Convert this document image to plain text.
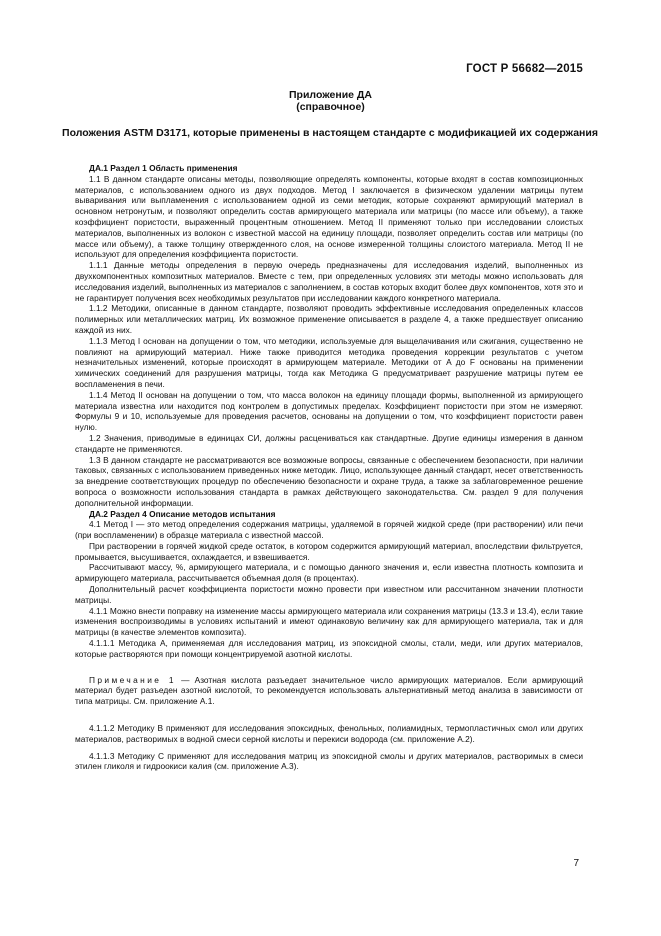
ГОСТ Р 56682—2015
Приложение ДА
(справочное)
Положения ASTM D3171, которые применены в настоящем стандарте с модификацией их содержания

ДА.1 Раздел 1 Область применения

1.1 В данном стандарте описаны методы, позволяющие определять компоненты, которые входят в состав композиционных материалов, с использованием одного из двух подходов. Метод I заключается в физическом удалении матрицы путем вываривания или выпламенения с использованием одной из семи методик, которые сохраняют армирующий материал в основном нетронутым, и позволяют определить состав армирующего материала или матрицы (по массе или объему), а также коэффициент пористости, выраженный процентным отношением. Метод II применяют только при исследовании слоистых материалов, выполненных из волокон с известной массой на единицу площади, позволяет определить состав или матрицы (по массе или объему), а также толщину отвержденного слоя, на основе измеренной толщины слоистого материала. Метод II не используют для определения коэффициента пористости.

1.1.1 Данные методы определения в первую очередь предназначены для исследования изделий, выполненных из двухкомпонентных композитных материалов. Вместе с тем, при определенных условиях эти методы можно использовать для исследования изделий, выполненных из материалов с заполнением, в состав которых входит более двух компонентов, хотя это и не гарантирует получения всех необходимых результатов при исследовании каждого конкретного материала.

1.1.2 Методики, описанные в данном стандарте, позволяют проводить эффективные исследования определенных классов полимерных или металлических матриц. Их возможное применение описывается в разделе 4, а также предшествует описанию каждой из них.

1.1.3 Метод I основан на допущении о том, что методики, используемые для выщелачивания или сжигания, существенно не повлияют на армирующий материал. Ниже также приводится методика проведения коррекции результатов с учетом незначительных изменений, которые происходят в армирующем материале. Методики от A до F основаны на применении химических соединений для разрушения матрицы, тогда как Методика G предусматривает разрушение матрицы путем ее воспламенения в печи.

1.1.4 Метод II основан на допущении о том, что масса волокон на единицу площади формы, выполненной из армирующего материала известна или находится под контролем в допустимых пределах. Коэффициент пористости при этом не измеряют. Формулы 9 и 10, используемые для проведения расчетов, основаны на допущении о том, что коэффициент пористости равен нулю.

1.2 Значения, приводимые в единицах СИ, должны расцениваться как стандартные. Другие единицы измерения в данном стандарте не применяются.

1.3 В данном стандарте не рассматриваются все возможные вопросы, связанные с обеспечением безопасности, при наличии таковых, связанных с использованием приведенных ниже методик. Лицо, использующее данный стандарт, несет ответственность за внедрение соответствующих процедур по обеспечению безопасности и охране труда, а также за заблаговременное решение вопроса о возможности использования стандарта в рамках действующего законодательства. См. раздел 9 для получения дополнительной информации.

ДА.2 Раздел 4 Описание методов испытания

4.1 Метод I — это метод определения содержания матрицы, удаляемой в горячей жидкой среде (при растворении) или печи (при воспламенении) в образце материала с известной массой.

При растворении в горячей жидкой среде остаток, в котором содержится армирующий материал, впоследствии фильтруется, промывается, высушивается, охлаждается, и взвешивается.

Рассчитывают массу, %, армирующего материала, и с помощью данного значения и, если известна плотность композита и армирующего материала, рассчитывается объемная доля (в процентах).

Дополнительный расчет коэффициента пористости можно провести при известном или рассчитанном значении плотности матрицы.

4.1.1 Можно внести поправку на изменение массы армирующего материала или сохранения матрицы (13.3 и 13.4), если такие изменения воспроизводимы в условиях испытаний и имеют одинаковую величину как для армирующего материала, так и для матрицы (в качестве элементов композита).

4.1.1.1 Методика А, применяемая для исследования матриц, из эпоксидной смолы, стали, меди, или других материалов, которые растворяются при помощи концентрируемой азотной кислоты.

Примечание 1 — Азотная кислота разъедает значительное число армирующих материалов. Если армирующий материал будет разъеден азотной кислотой, то рекомендуется использовать альтернативный метод анализа в зависимости от типа матрицы. См. приложение А.1.

4.1.1.2 Методику В применяют для исследования эпоксидных, фенольных, полиамидных, термопластичных смол или других материалов, растворимых в водной смеси серной кислоты и перекиси водорода (см. приложение А.2).

4.1.1.3 Методику С применяют для исследования матриц из эпоксидной смолы и других материалов, растворимых в смеси этилен гликоля и гидроокиси калия (см. приложение А.3).

7
